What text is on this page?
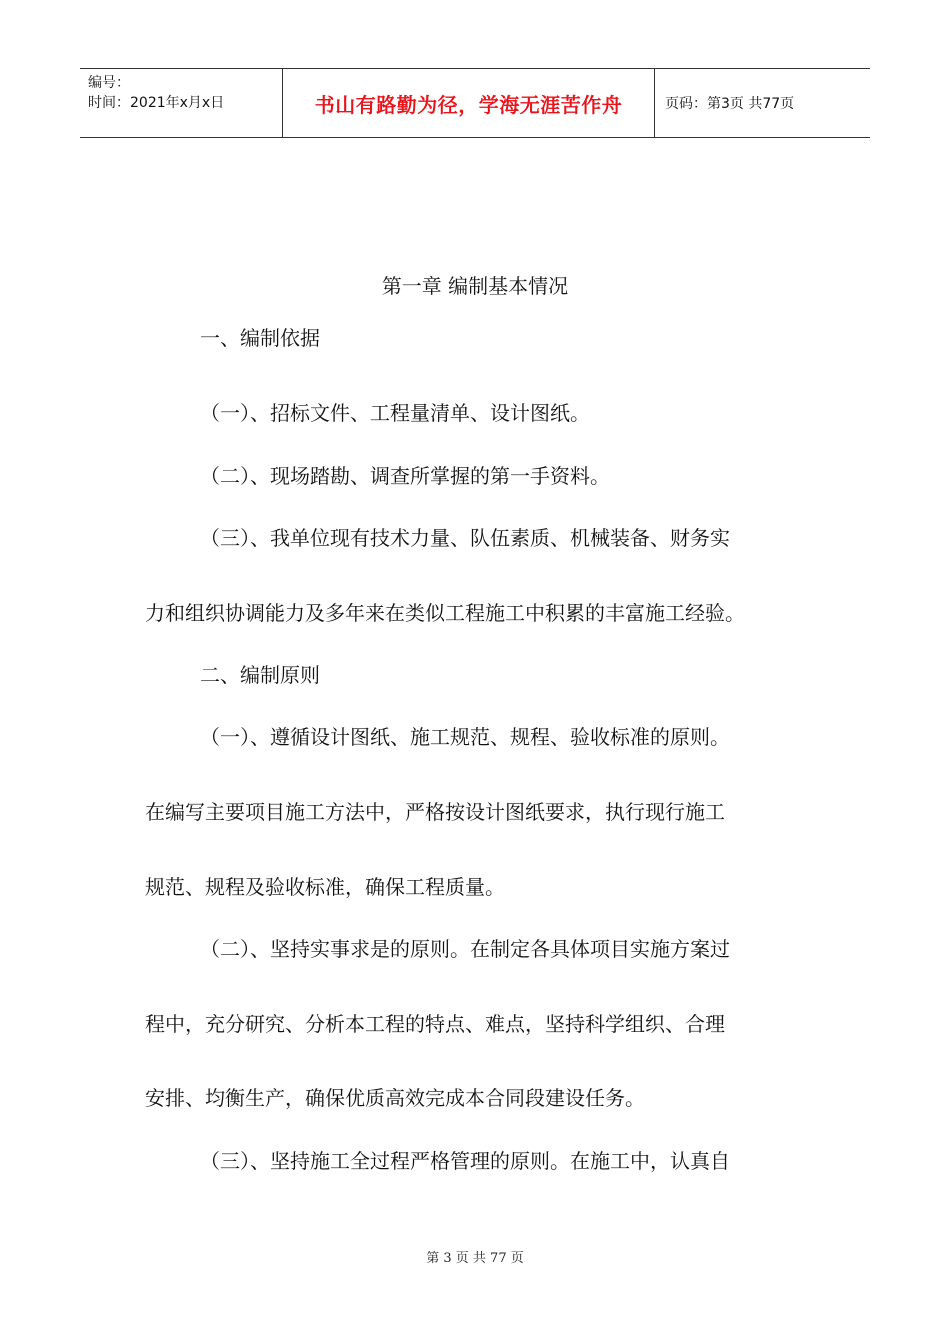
编号：
时间：2021年x月x日	书山有路勤为径，学海无涯苦作舟	页码：第3页 共77页
第一章 编制基本情况
一、编制依据
（一）、招标文件、工程量清单、设计图纸。
（二）、现场踏勘、调查所掌握的第一手资料。
（三）、我单位现有技术力量、队伍素质、机械装备、财务实
力和组织协调能力及多年来在类似工程施工中积累的丰富施工经验。
二、编制原则
（一）、遵循设计图纸、施工规范、规程、验收标准的原则。
在编写主要项目施工方法中，严格按设计图纸要求，执行现行施工
规范、规程及验收标准，确保工程质量。
（二）、坚持实事求是的原则。在制定各具体项目实施方案过
程中，充分研究、分析本工程的特点、难点，坚持科学组织、合理
安排、均衡生产，确保优质高效完成本合同段建设任务。
（三）、坚持施工全过程严格管理的原则。在施工中，认真自
第 3 页 共 77 页
